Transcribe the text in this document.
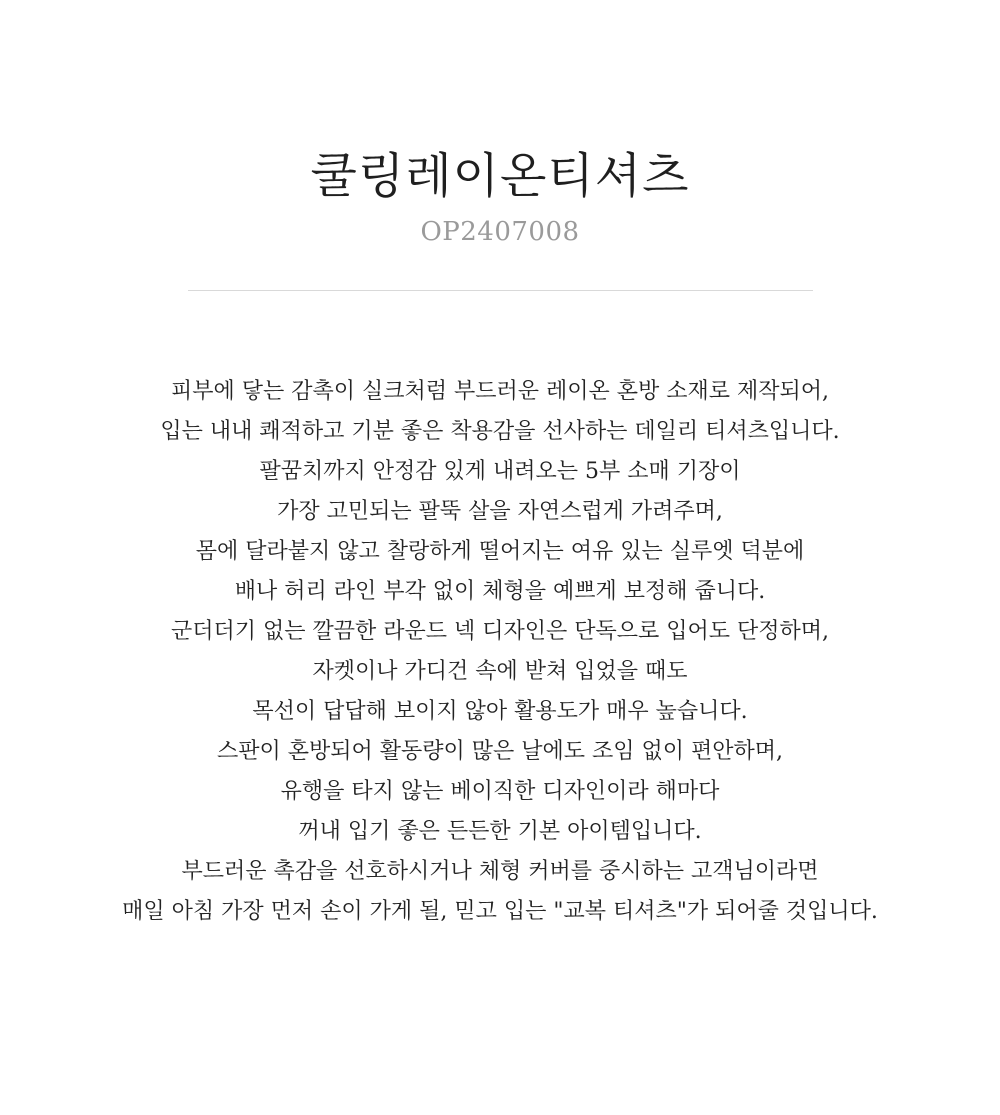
쿨링레이온티셔츠
OP2407008
피부에 닿는 감촉이 실크처럼 부드러운 레이온 혼방 소재로 제작되어,
입는 내내 쾌적하고 기분 좋은 착용감을 선사하는 데일리 티셔츠입니다.
팔꿈치까지 안정감 있게 내려오는 5부 소매 기장이
가장 고민되는 팔뚝 살을 자연스럽게 가려주며,
몸에 달라붙지 않고 찰랑하게 떨어지는 여유 있는 실루엣 덕분에
배나 허리 라인 부각 없이 체형을 예쁘게 보정해 줍니다.
군더더기 없는 깔끔한 라운드 넥 디자인은 단독으로 입어도 단정하며,
자켓이나 가디건 속에 받쳐 입었을 때도
목선이 답답해 보이지 않아 활용도가 매우 높습니다.
스판이 혼방되어 활동량이 많은 날에도 조임 없이 편안하며,
유행을 타지 않는 베이직한 디자인이라 해마다
꺼내 입기 좋은 든든한 기본 아이템입니다.
부드러운 촉감을 선호하시거나 체형 커버를 중시하는 고객님이라면
매일 아침 가장 먼저 손이 가게 될, 믿고 입는 "교복 티셔츠"가 되어줄 것입니다.
